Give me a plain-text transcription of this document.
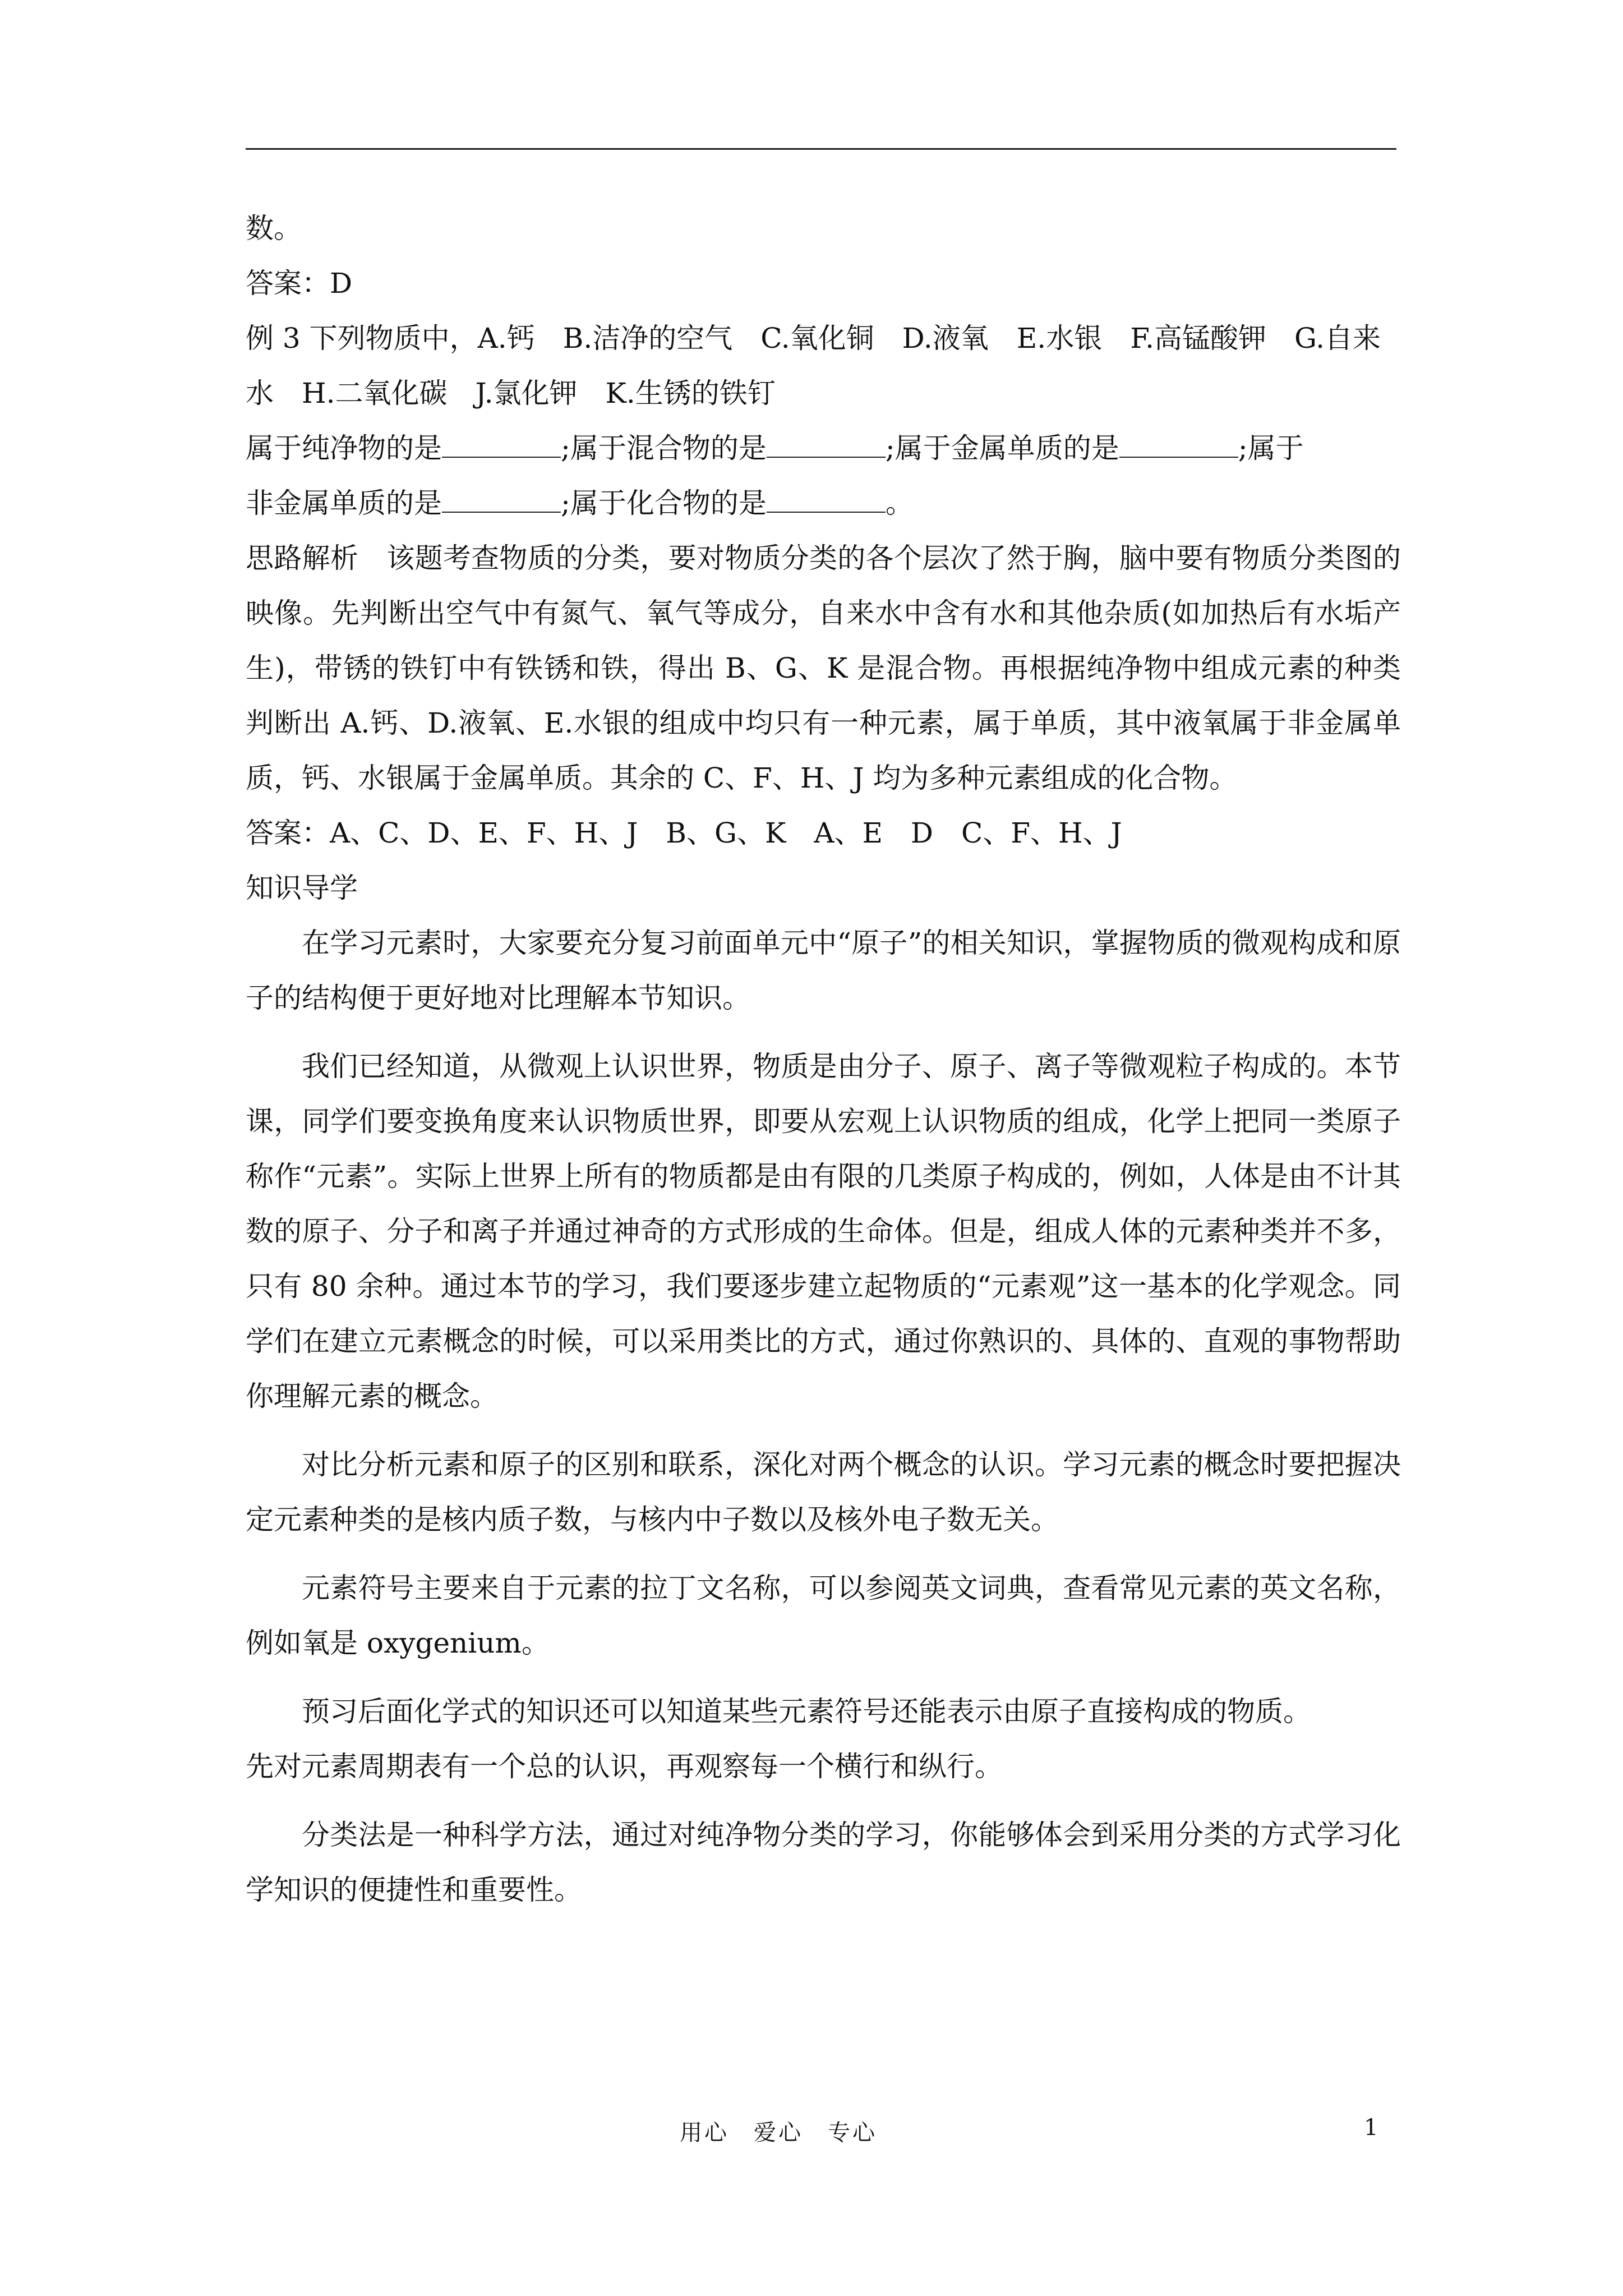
数。

答案：D

例 3 下列物质中，A.钙　B.洁净的空气　C.氧化铜　D.液氧　E.水银　F.高锰酸钾　G.自来

水　H.二氧化碳　J.氯化钾　K.生锈的铁钉

属于纯净物的是	;属于混合物的是	;属于金属单质的是	;属于

非金属单质的是	;属于化合物的是	。

思路解析　该题考查物质的分类，要对物质分类的各个层次了然于胸，脑中要有物质分类图的映像。先判断出空气中有氮气、氧气等成分，自来水中含有水和其他杂质(如加热后有水垢产生)，带锈的铁钉中有铁锈和铁，得出 B、G、K 是混合物。再根据纯净物中组成元素的种类判断出 A.钙、D.液氧、E.水银的组成中均只有一种元素，属于单质，其中液氧属于非金属单质，钙、水银属于金属单质。其余的 C、F、H、J 均为多种元素组成的化合物。

答案：A、C、D、E、F、H、J　B、G、K　A、E　D　C、F、H、J

知识导学

在学习元素时，大家要充分复习前面单元中“原子”的相关知识，掌握物质的微观构成和原子的结构便于更好地对比理解本节知识。

我们已经知道，从微观上认识世界，物质是由分子、原子、离子等微观粒子构成的。本节课，同学们要变换角度来认识物质世界，即要从宏观上认识物质的组成，化学上把同一类原子称作“元素”。实际上世界上所有的物质都是由有限的几类原子构成的，例如，人体是由不计其数的原子、分子和离子并通过神奇的方式形成的生命体。但是，组成人体的元素种类并不多，只有 80 余种。通过本节的学习，我们要逐步建立起物质的“元素观”这一基本的化学观念。同学们在建立元素概念的时候，可以采用类比的方式，通过你熟识的、具体的、直观的事物帮助你理解元素的概念。

对比分析元素和原子的区别和联系，深化对两个概念的认识。学习元素的概念时要把握决定元素种类的是核内质子数，与核内中子数以及核外电子数无关。

元素符号主要来自于元素的拉丁文名称，可以参阅英文词典，查看常见元素的英文名称，例如氧是 oxygenium。

预习后面化学式的知识还可以知道某些元素符号还能表示由原子直接构成的物质。

先对元素周期表有一个总的认识，再观察每一个横行和纵行。

分类法是一种科学方法，通过对纯净物分类的学习，你能够体会到采用分类的方式学习化学知识的便捷性和重要性。

用心　爱心　专心	1
